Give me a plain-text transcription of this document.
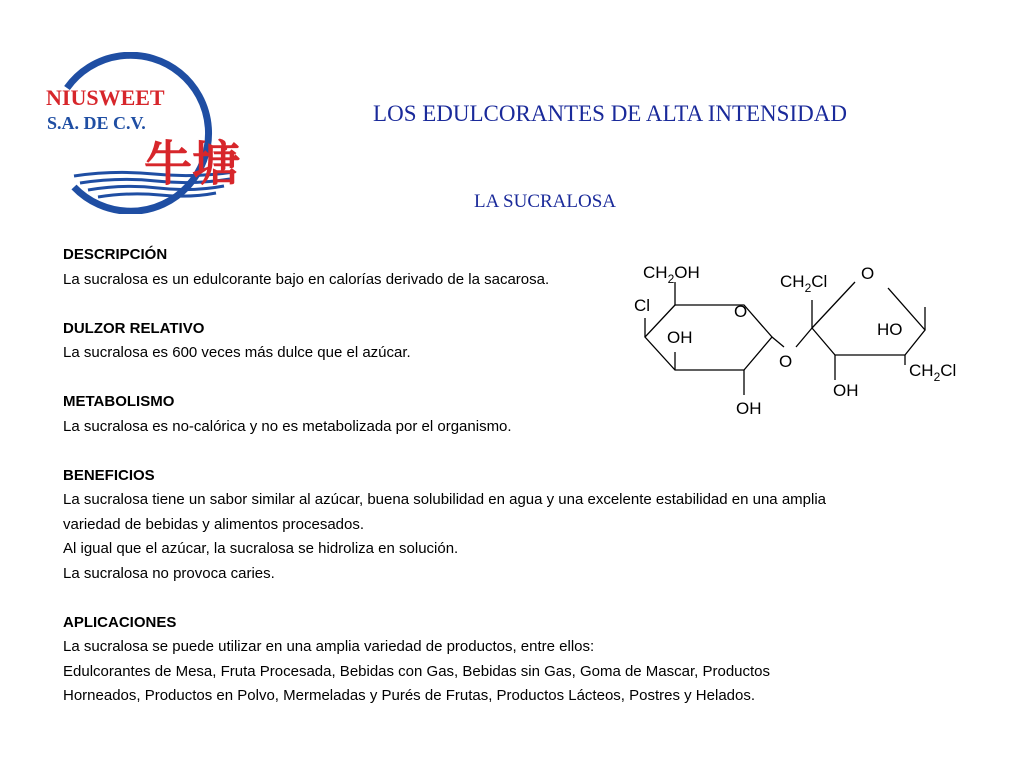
NIUSWEET
S.A. DE C.V.
牛塘
LOS EDULCORANTES DE ALTA INTENSIDAD
LA SUCRALOSA
DESCRIPCIÓN
La sucralosa es un edulcorante bajo en calorías derivado de la sacarosa.
DULZOR RELATIVO
La sucralosa es 600 veces más dulce que el azúcar.
METABOLISMO
La sucralosa es no-calórica y no es metabolizada por el organismo.
BENEFICIOS
La sucralosa tiene un sabor similar al azúcar, buena solubilidad en agua y una excelente estabilidad en una amplia
variedad de bebidas y alimentos procesados.
Al igual que el azúcar, la sucralosa se hidroliza en solución.
La sucralosa no provoca caries.
APLICACIONES
La sucralosa se puede utilizar en una amplia variedad de productos, entre ellos:
Edulcorantes de Mesa, Fruta Procesada, Bebidas con Gas, Bebidas sin Gas, Goma de Mascar, Productos
Horneados, Productos en Polvo, Mermeladas y Purés de Frutas, Productos Lácteos, Postres y Helados.
$CH_2OH$
Cl	O
OH
OH
O
$CH_2Cl$ O
HO
$CH_2Cl$
OH
